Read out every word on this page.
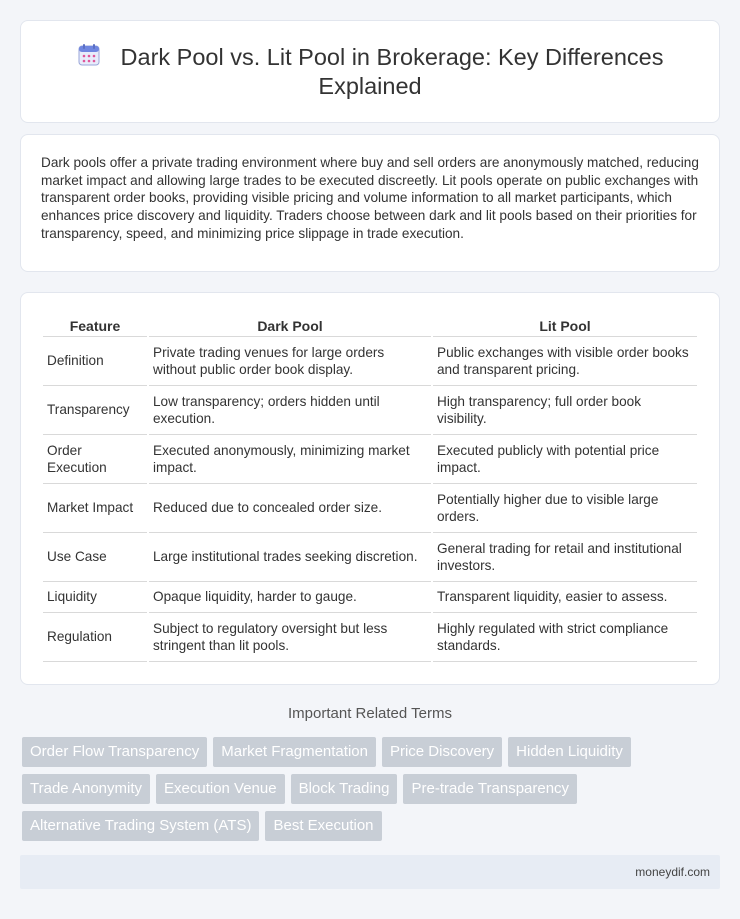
Dark Pool vs. Lit Pool in Brokerage: Key Differences Explained

Dark pools offer a private trading environment where buy and sell orders are anonymously matched, reducing market impact and allowing large trades to be executed discreetly. Lit pools operate on public exchanges with transparent order books, providing visible pricing and volume information to all market participants, which enhances price discovery and liquidity. Traders choose between dark and lit pools based on their priorities for transparency, speed, and minimizing price slippage in trade execution.

Feature	Dark Pool	Lit Pool
Definition	Private trading venues for large orders without public order book display.	Public exchanges with visible order books and transparent pricing.
Transparency	Low transparency; orders hidden until execution.	High transparency; full order book visibility.
Order Execution	Executed anonymously, minimizing market impact.	Executed publicly with potential price impact.
Market Impact	Reduced due to concealed order size.	Potentially higher due to visible large orders.
Use Case	Large institutional trades seeking discretion.	General trading for retail and institutional investors.
Liquidity	Opaque liquidity, harder to gauge.	Transparent liquidity, easier to assess.
Regulation	Subject to regulatory oversight but less stringent than lit pools.	Highly regulated with strict compliance standards.
Important Related Terms
Order Flow Transparency	Market Fragmentation	Price Discovery	Hidden Liquidity
Trade Anonymity	Execution Venue	Block Trading	Pre-trade Transparency
Alternative Trading System (ATS)	Best Execution
moneydif.com
